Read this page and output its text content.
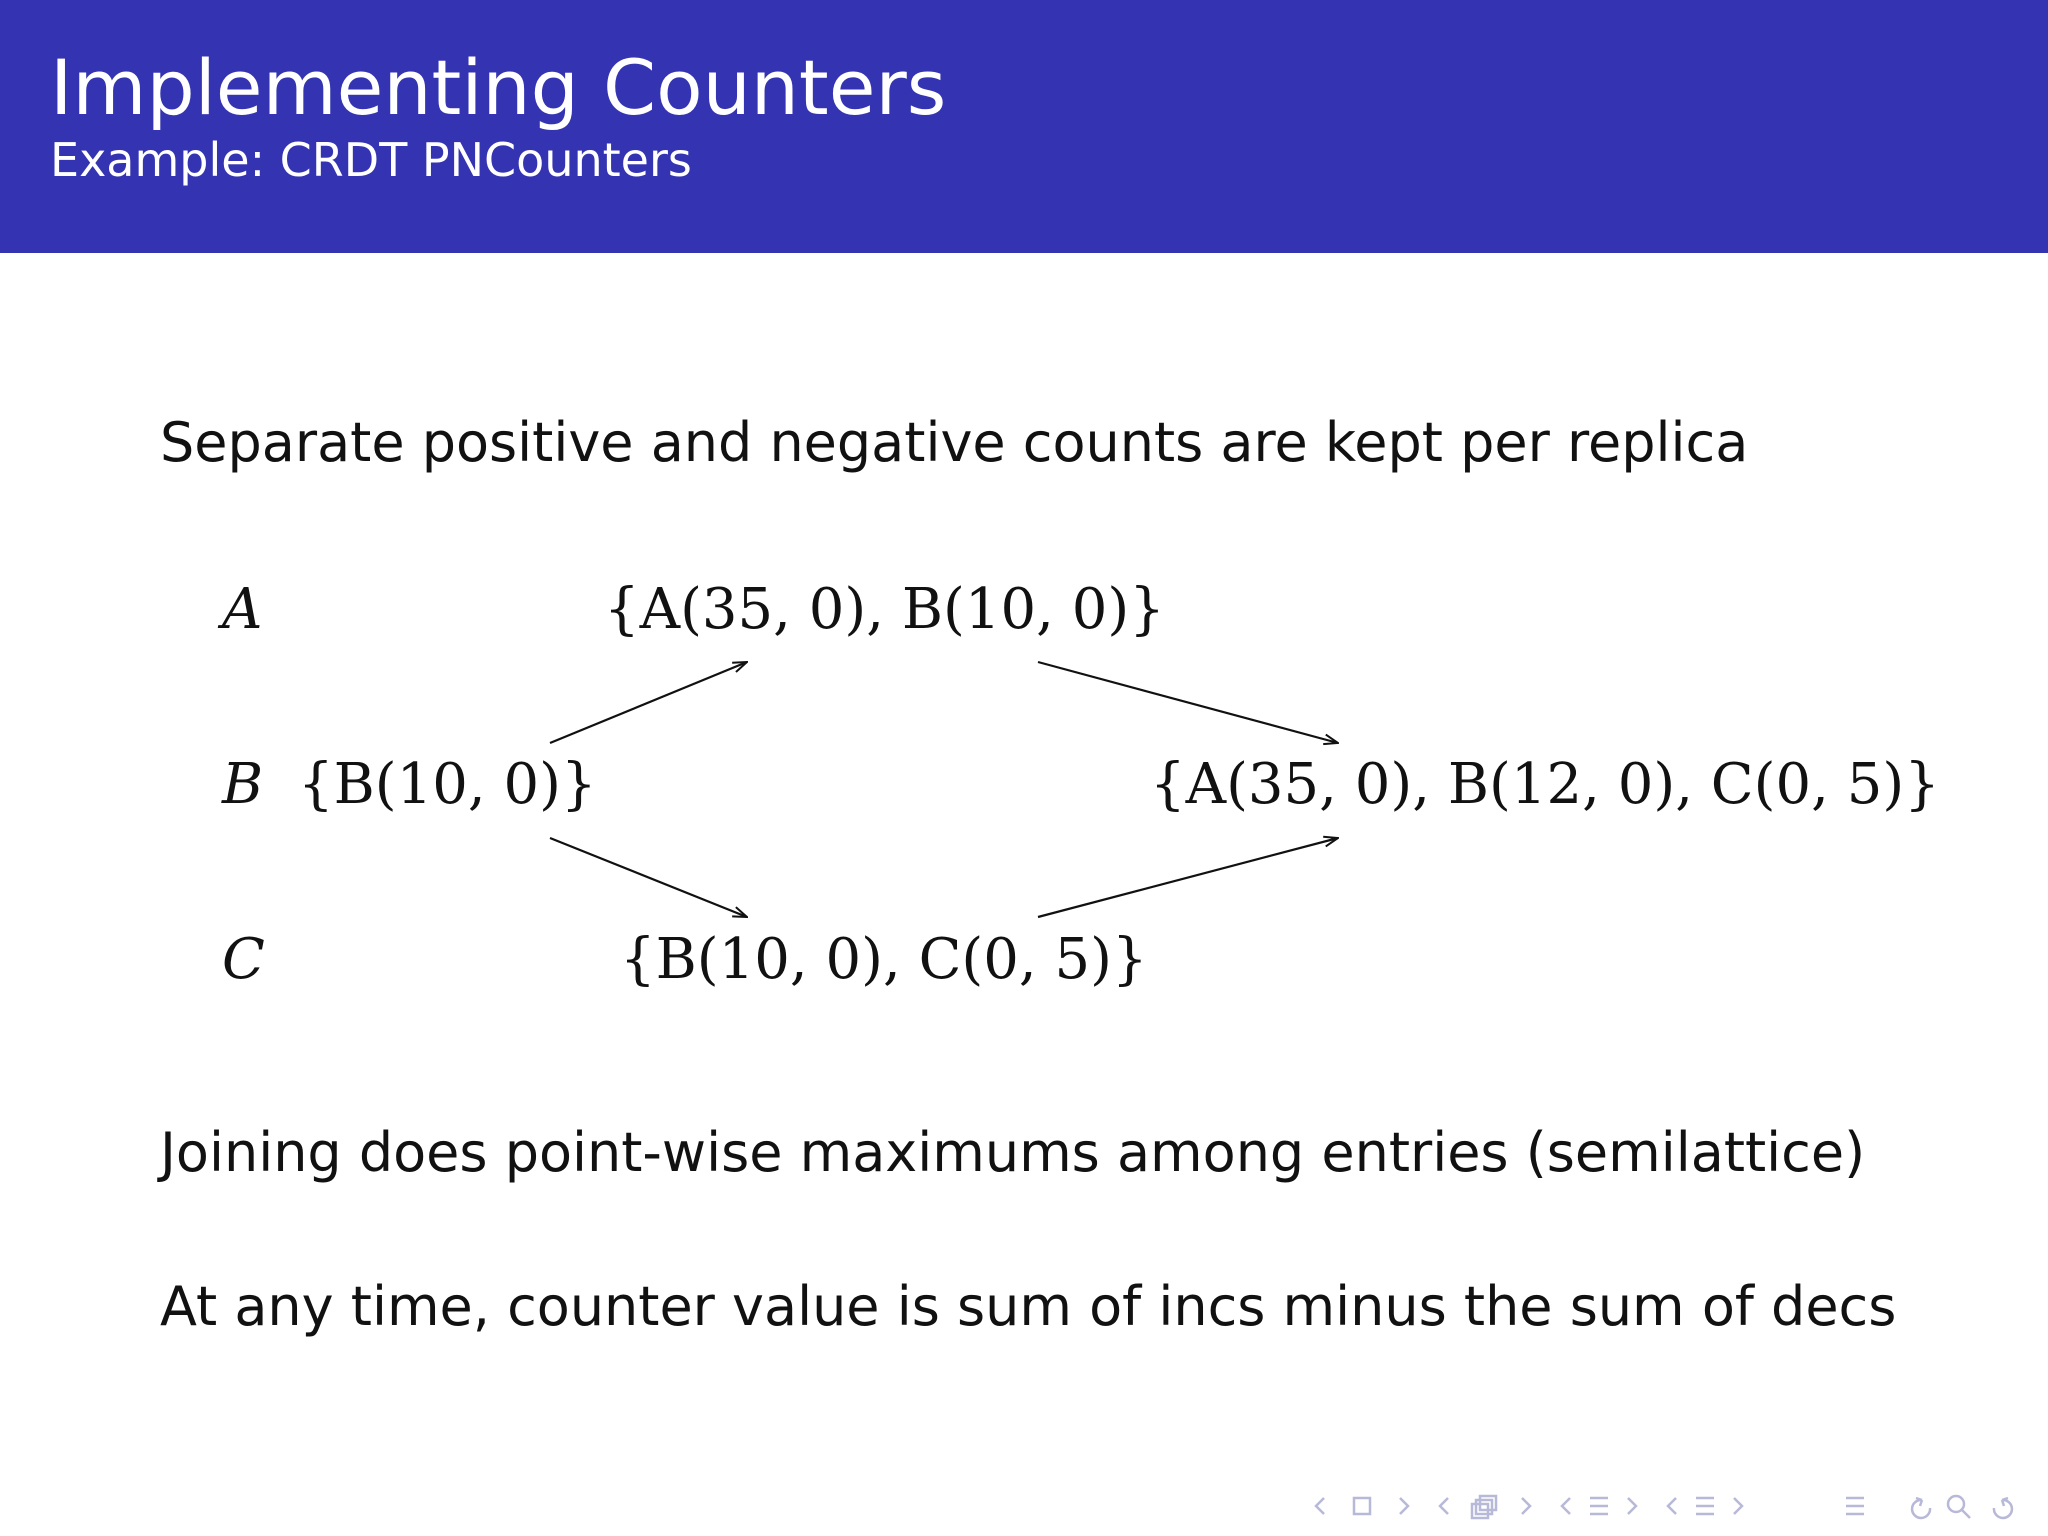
Implementing Counters
Example: CRDT PNCounters
Separate positive and negative counts are kept per replica
A
B
C
{B(10, 0)}
{A(35, 0), B(10, 0)}
{B(10, 0), C(0, 5)}
{A(35, 0), B(12, 0), C(0, 5)}
Joining does point-wise maximums among entries (semilattice)
At any time, counter value is sum of incs minus the sum of decs
